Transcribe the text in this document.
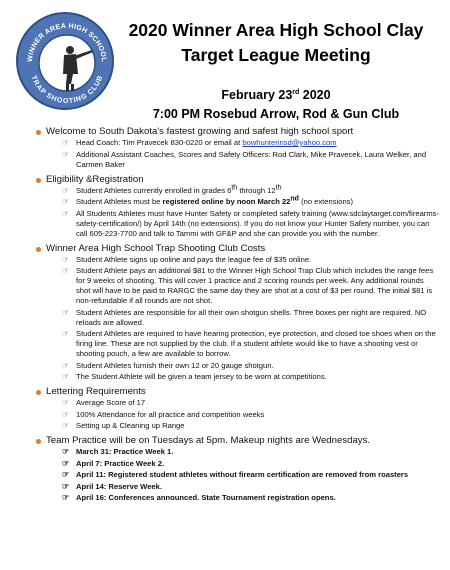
WINNER AREA HIGH SCHOOL
TRAP SHOOTING CLUB
2020 Winner Area High School Clay
Target League Meeting
February 23rd 2020
7:00 PM Rosebud Arrow, Rod & Gun Club
Welcome to South Dakota's fastest growing and safest high school sport
☞ Head Coach: Tim Pravecek 830-0220 or email at bowhunterinsd@yahoo.com
☞ Additional Assistant Coaches, Scores and Safety Officers: Rod Clark, Mike Pravecek, Laura Welker, and Carmen Baker
Eligibility &Registration
☞ Student Athletes currently enrolled in grades 6th through 12th
☞ Student Athletes must be registered online by noon March 22nd (no extensions)
☞ All Students Athletes must have Hunter Safety or completed safety training (www.sdclaytarget.com/firearms-safety-certification/) by April 14th (no extensions). If you do not know your Hunter Safety number, you can call 605-223-7700 and talk to Tammi with GF&P and she can provide you with the number.
Winner Area High School Trap Shooting Club Costs
☞ Student Athlete signs up online and pays the league fee of $35 online.
☞ Student Athlete pays an additional $81 to the Winner High School Trap Club which includes the range fees for 9 weeks of shooting. This will cover 1 practice and 2 scoring rounds per week. Any additional rounds shot will have to be paid to RARGC the same day they are shot at a cost of $3 per round. The initial $81 is non-refundable if all rounds are not shot.
☞ Student Athletes are responsible for all their own shotgun shells. Three boxes per night are required. NO reloads are allowed.
☞ Student Athletes are required to have hearing protection, eye protection, and closed toe shoes when on the firing line. These are not supplied by the club. If a student athlete would like to have a shooting vest or shooting pouch, a few are available to borrow.
☞ Student Athletes furnish their own 12 or 20 gauge shotgun.
☞ The Student Athlete will be given a team jersey to be worn at competitions.
Lettering Requirements
☞ Average Score of 17
☞ 100% Attendance for all practice and competition weeks
☞ Setting up & Cleaning up Range
Team Practice will be on Tuesdays at 5pm. Makeup nights are Wednesdays.
☞ March 31: Practice Week 1.
☞ April 7: Practice Week 2.
☞ April 11: Registered student athletes without firearm certification are removed from roasters
☞ April 14: Reserve Week.
☞ April 16: Conferences announced. State Tournament registration opens.
